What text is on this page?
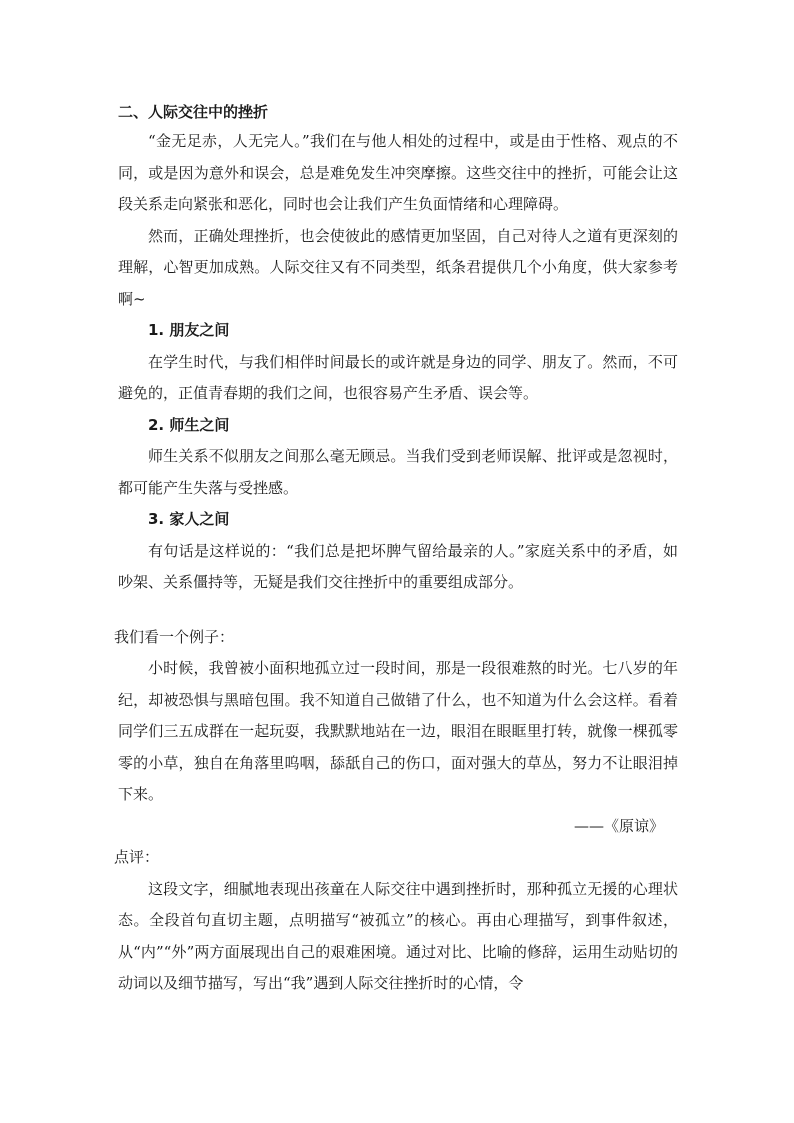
二、人际交往中的挫折

“金无足赤，人无完人。”我们在与他人相处的过程中，或是由于性格、观点的不同，或是因为意外和误会，总是难免发生冲突摩擦。这些交往中的挫折，可能会让这段关系走向紧张和恶化，同时也会让我们产生负面情绪和心理障碍。

然而，正确处理挫折，也会使彼此的感情更加坚固，自己对待人之道有更深刻的理解，心智更加成熟。人际交往又有不同类型，纸条君提供几个小角度，供大家参考啊~

1. 朋友之间

在学生时代，与我们相伴时间最长的或许就是身边的同学、朋友了。然而，不可避免的，正值青春期的我们之间，也很容易产生矛盾、误会等。

2. 师生之间

师生关系不似朋友之间那么毫无顾忌。当我们受到老师误解、批评或是忽视时，都可能产生失落与受挫感。

3. 家人之间

有句话是这样说的：“我们总是把坏脾气留给最亲的人。”家庭关系中的矛盾，如吵架、关系僵持等，无疑是我们交往挫折中的重要组成部分。

我们看一个例子：

小时候，我曾被小面积地孤立过一段时间，那是一段很难熬的时光。七八岁的年纪，却被恐惧与黑暗包围。我不知道自己做错了什么，也不知道为什么会这样。看着同学们三五成群在一起玩耍，我默默地站在一边，眼泪在眼眶里打转，就像一棵孤零零的小草，独自在角落里呜咽，舔舐自己的伤口，面对强大的草丛，努力不让眼泪掉下来。

——《原谅》

点评：

这段文字，细腻地表现出孩童在人际交往中遇到挫折时，那种孤立无援的心理状态。全段首句直切主题，点明描写“被孤立”的核心。再由心理描写，到事件叙述，从“内”“外”两方面展现出自己的艰难困境。通过对比、比喻的修辞，运用生动贴切的动词以及细节描写，写出“我”遇到人际交往挫折时的心情，令
